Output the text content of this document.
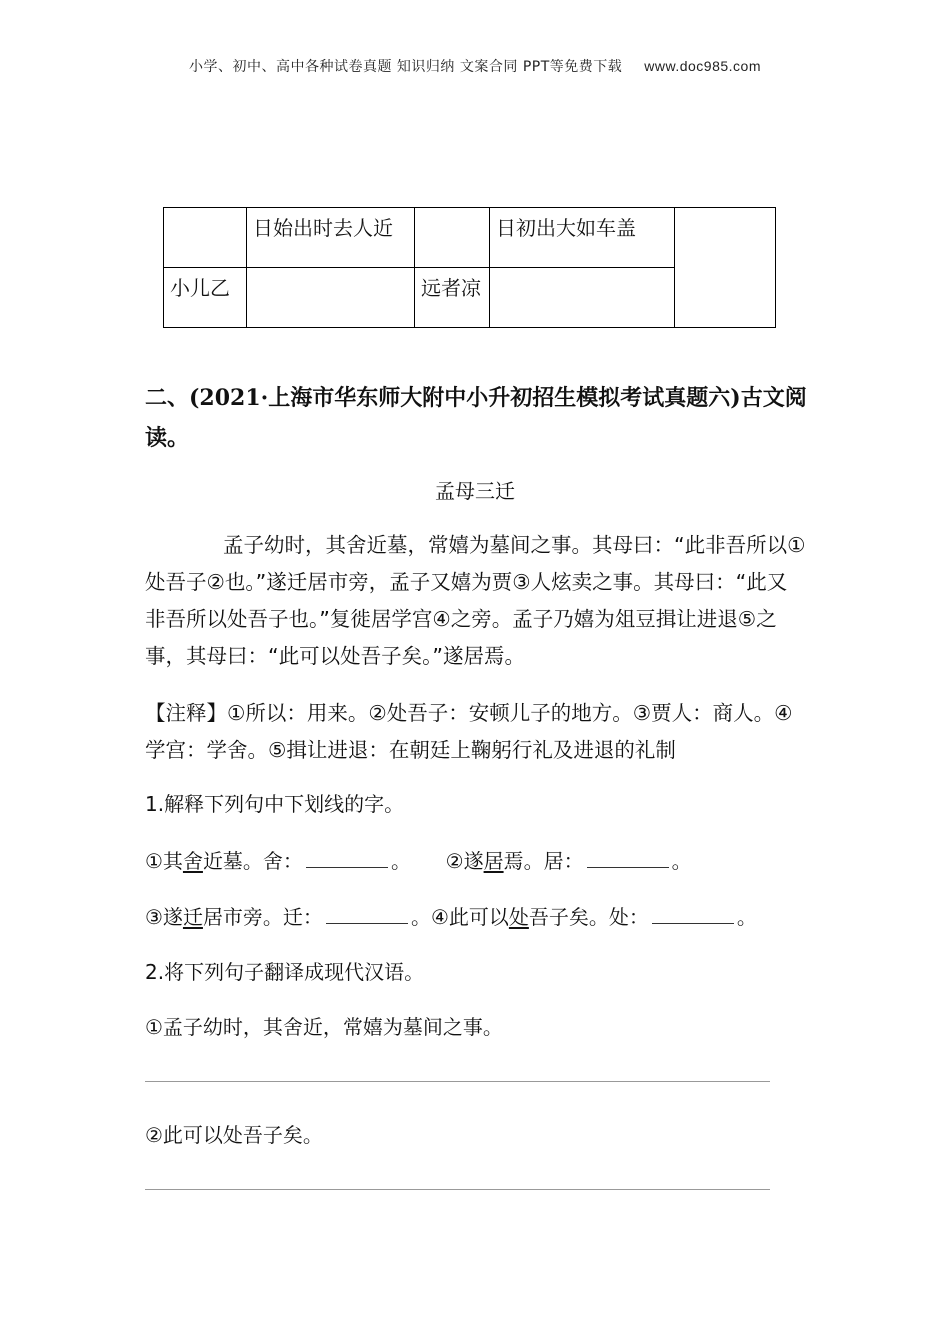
小学、初中、高中各种试卷真题 知识归纳 文案合同 PPT等免费下载 www.doc985.com
	日始出时去人近		日初出大如车盖	
小儿乙		远者凉		
二、(2021·上海市华东师大附中小升初招生模拟考试真题六)古文阅读。
孟母三迁
孟子幼时，其舍近墓，常嬉为墓间之事。其母曰：“此非吾所以①处吾子②也。”遂迁居市旁，孟子又嬉为贾③人炫卖之事。其母曰：“此又非吾所以处吾子也。”复徙居学宫④之旁。孟子乃嬉为俎豆揖让进退⑤之事，其母曰：“此可以处吾子矣。”遂居焉。
【注释】①所以：用来。②处吾子：安顿儿子的地方。③贾人：商人。④学宫：学舍。⑤揖让进退：在朝廷上鞠躬行礼及进退的礼制
1.解释下列句中下划线的字。
①其舍近墓。舍：	。 ②遂居焉。居：	。
③遂迁居市旁。迁：	。④此可以处吾子矣。处：	。
2.将下列句子翻译成现代汉语。
①孟子幼时，其舍近，常嬉为墓间之事。
②此可以处吾子矣。
